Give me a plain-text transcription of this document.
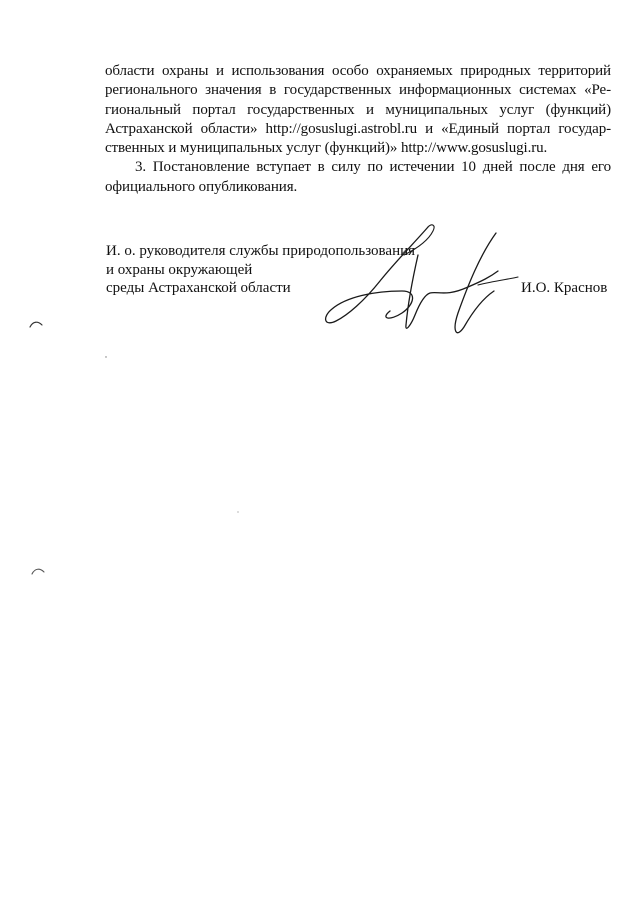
области охраны и использования особо охраняемых природных территорий
регионального значения в государственных информационных системах «Ре-
гиональный портал государственных и муниципальных услуг (функций)
Астраханской области» http://gosuslugi.astrobl.ru и «Единый портал государ-
ственных и муниципальных услуг (функций)» http://www.gosuslugi.ru.

3. Постановление вступает в силу по истечении 10 дней после дня его
официального опубликования.

И. о. руководителя службы природопользования
и охраны окружающей
среды Астраханской области	И.О. Краснов
